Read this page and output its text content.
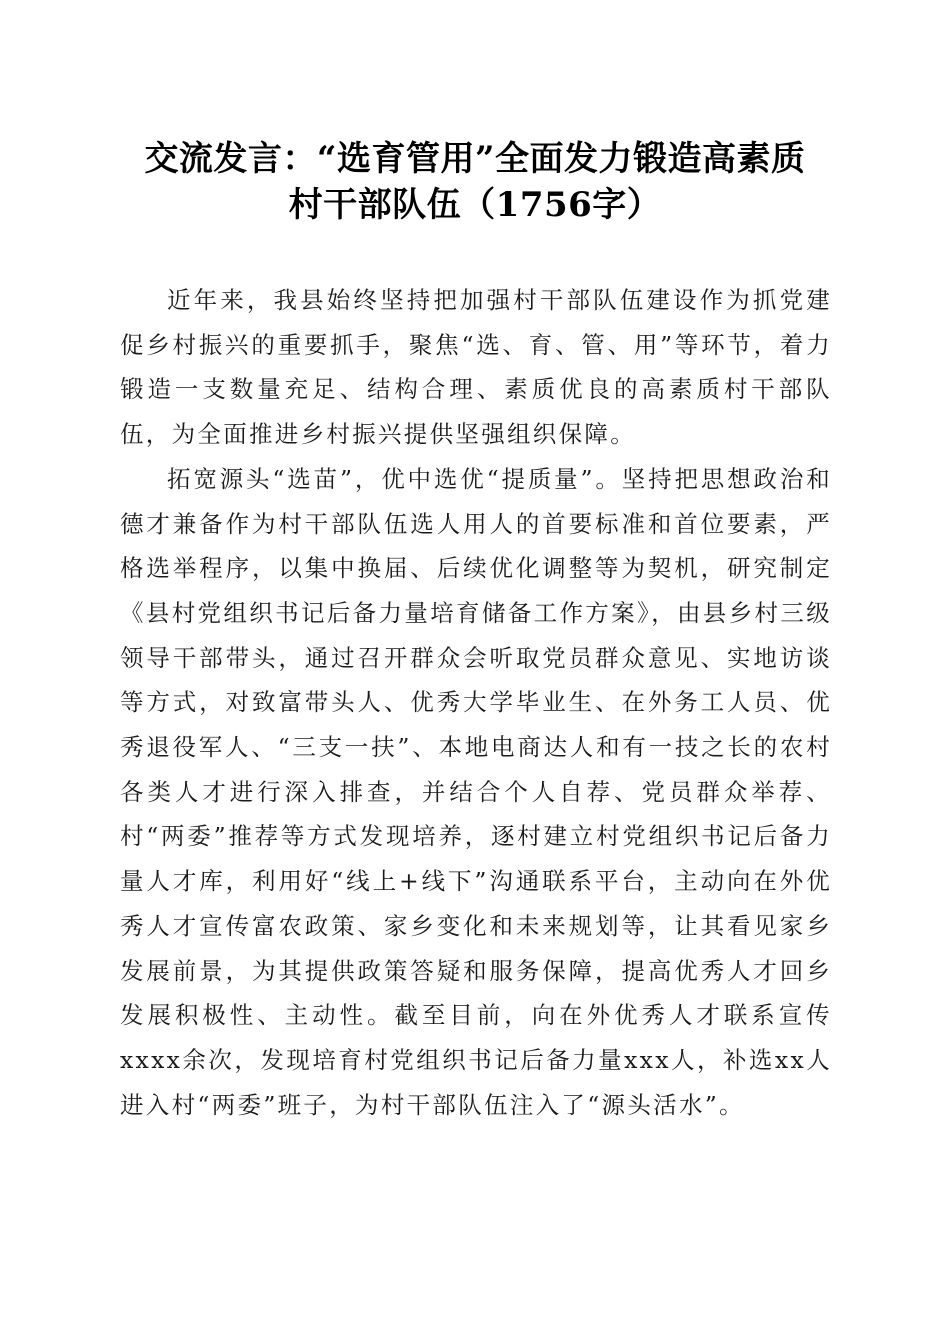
交流发言：“选育管用”全面发力锻造高素质
村干部队伍（1756字）

近年来，我县始终坚持把加强村干部队伍建设作为抓党建促乡村振兴的重要抓手，聚焦“选、育、管、用”等环节，着力锻造一支数量充足、结构合理、素质优良的高素质村干部队伍，为全面推进乡村振兴提供坚强组织保障。

拓宽源头“选苗”，优中选优“提质量”。坚持把思想政治和德才兼备作为村干部队伍选人用人的首要标准和首位要素，严格选举程序，以集中换届、后续优化调整等为契机，研究制定《县村党组织书记后备力量培育储备工作方案》，由县乡村三级领导干部带头，通过召开群众会听取党员群众意见、实地访谈等方式，对致富带头人、优秀大学毕业生、在外务工人员、优秀退役军人、“三支一扶”、本地电商达人和有一技之长的农村各类人才进行深入排查，并结合个人自荐、党员群众举荐、村“两委”推荐等方式发现培养，逐村建立村党组织书记后备力量人才库，利用好“线上+线下”沟通联系平台，主动向在外优秀人才宣传富农政策、家乡变化和未来规划等，让其看见家乡发展前景，为其提供政策答疑和服务保障，提高优秀人才回乡发展积极性、主动性。截至目前，向在外优秀人才联系宣传xxxx余次，发现培育村党组织书记后备力量xxx人，补选xx人进入村“两委”班子，为村干部队伍注入了“源头活水”。
